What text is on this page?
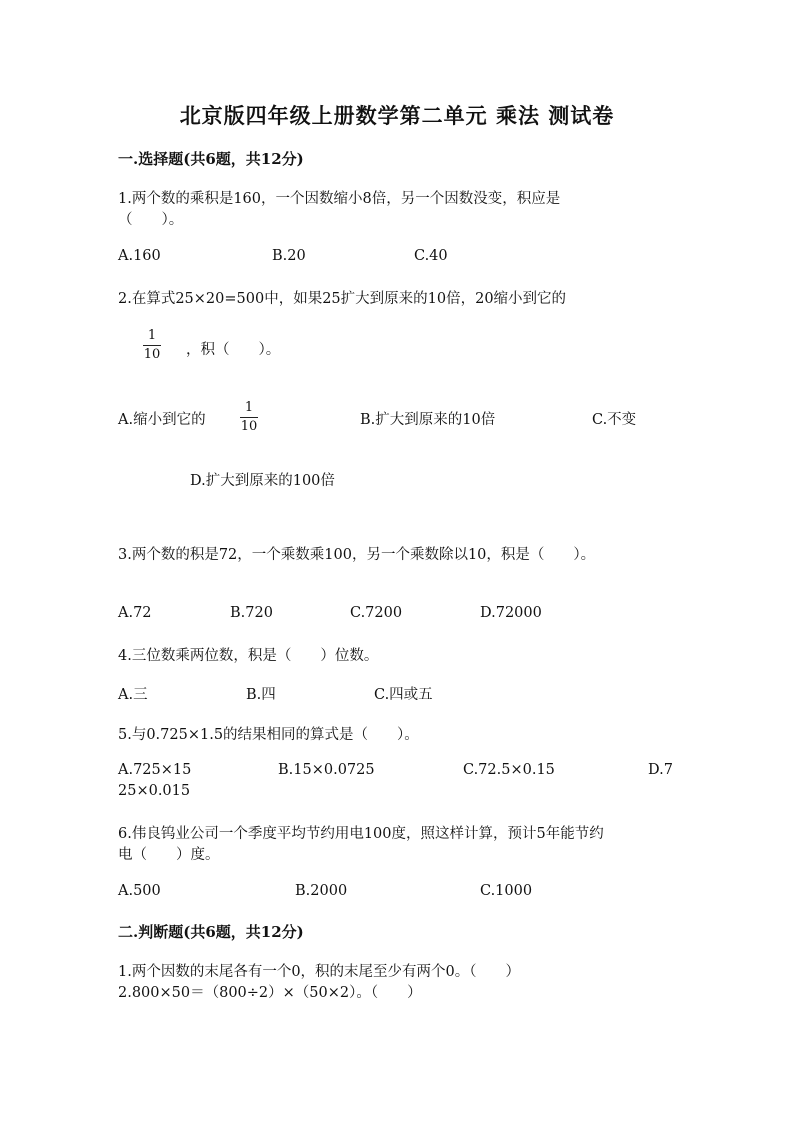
北京版四年级上册数学第二单元 乘法 测试卷
一.选择题(共6题，共12分)
1.两个数的乘积是160，一个因数缩小8倍，另一个因数没变，积应是
（　　）。
A.160	B.20	C.40
2.在算式25×20=500中，如果25扩大到原来的10倍，20缩小到它的
1
10 ，积（　　）。
A.缩小到它的
1
10	B.扩大到原来的10倍	C.不变
D.扩大到原来的100倍
3.两个数的积是72，一个乘数乘100，另一个乘数除以10，积是（　　）。
A.72	B.720	C.7200	D.72000
4.三位数乘两位数，积是（　　）位数。
A.三	B.四	C.四或五
5.与0.725×1.5的结果相同的算式是（　　）。
A.725×15	B.15×0.0725	C.72.5×0.15	D.7
25×0.015
6.伟良钨业公司一个季度平均节约用电100度，照这样计算，预计5年能节约
电（　　）度。
A.500	B.2000	C.1000
二.判断题(共6题，共12分)
1.两个因数的末尾各有一个0，积的末尾至少有两个0。（　　）
2.800×50＝（800÷2）×（50×2）。（　　）
